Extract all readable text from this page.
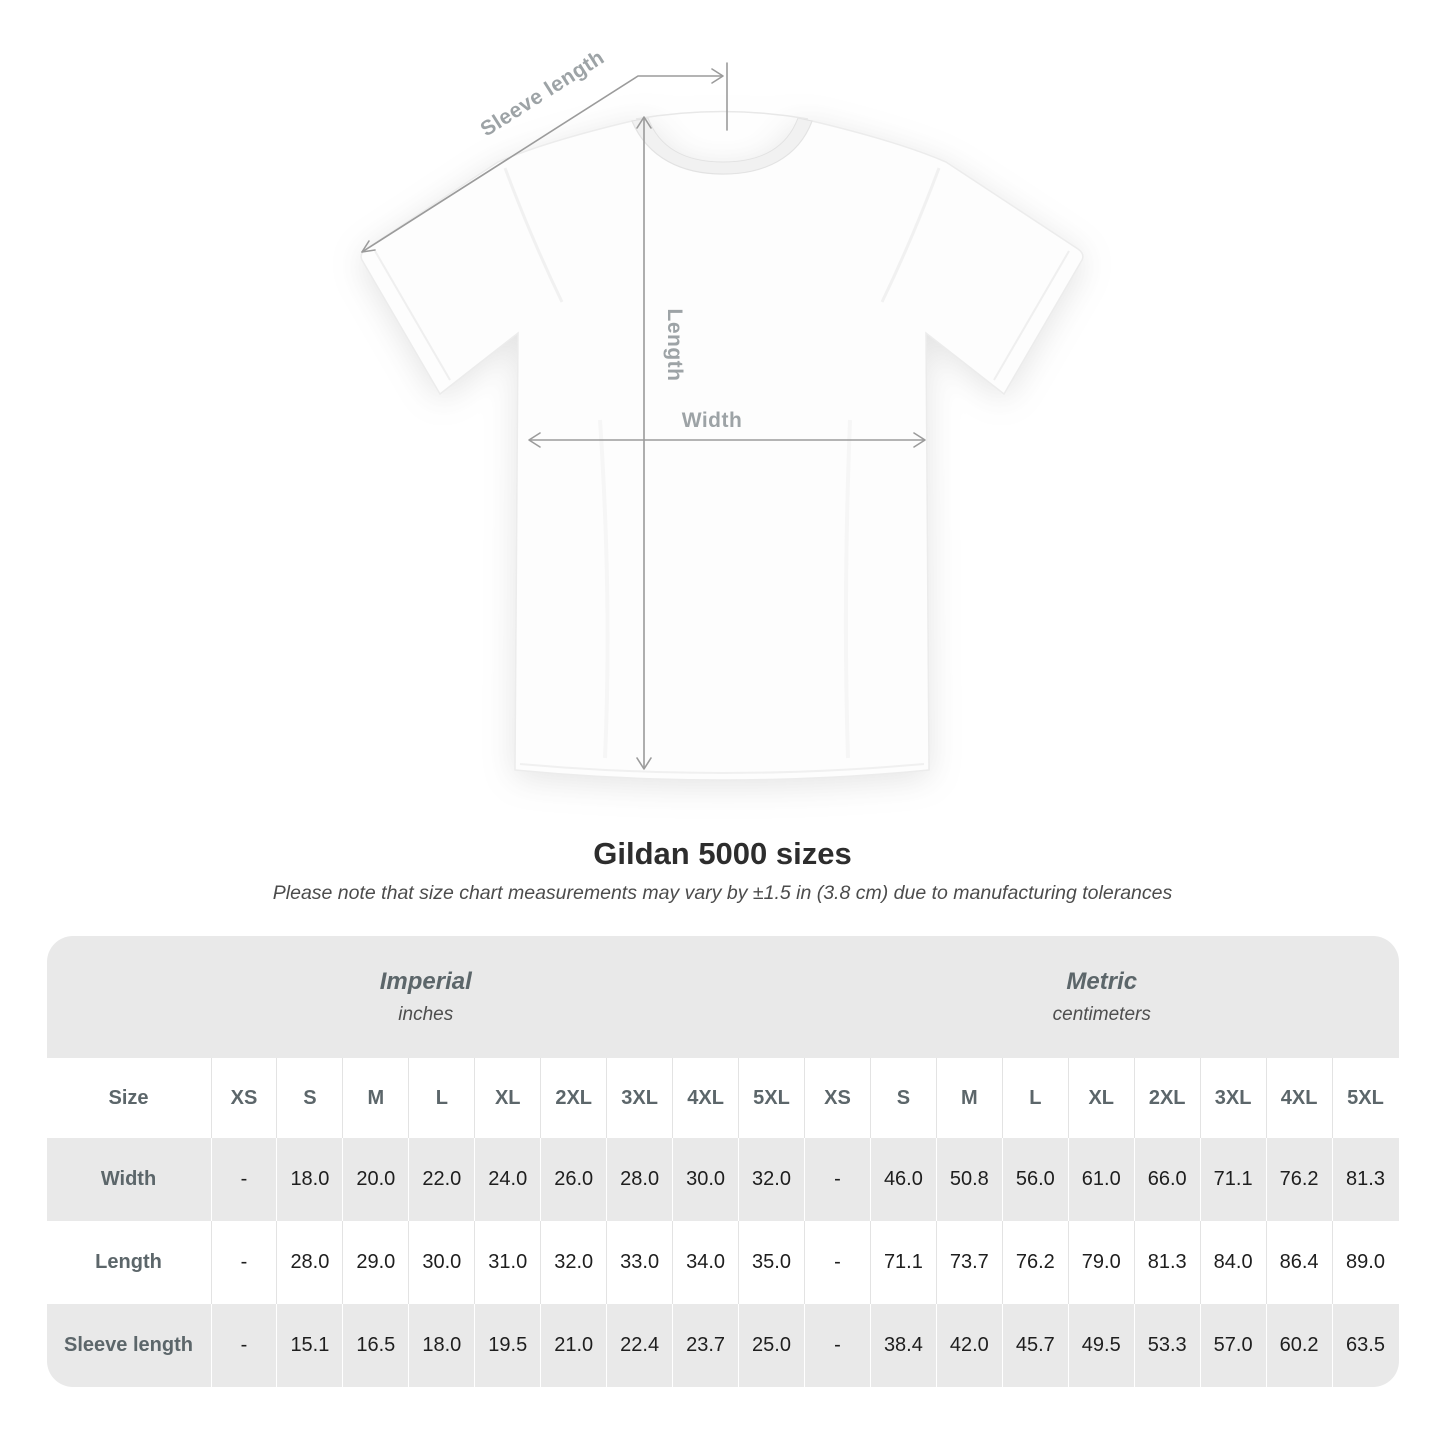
Sleeve length
Length
Width
Gildan 5000 sizes

Please note that size chart measurements may vary by ±1.5 in (3.8 cm) due to manufacturing tolerances

Imperial
inches
Metric
centimeters
Size	XS	S	M	L	XL	2XL	3XL	4XL	5XL	XS	S	M	L	XL	2XL	3XL	4XL	5XL
Width	-	18.0	20.0	22.0	24.0	26.0	28.0	30.0	32.0	-	46.0	50.8	56.0	61.0	66.0	71.1	76.2	81.3
Length	-	28.0	29.0	30.0	31.0	32.0	33.0	34.0	35.0	-	71.1	73.7	76.2	79.0	81.3	84.0	86.4	89.0
Sleeve length	-	15.1	16.5	18.0	19.5	21.0	22.4	23.7	25.0	-	38.4	42.0	45.7	49.5	53.3	57.0	60.2	63.5
